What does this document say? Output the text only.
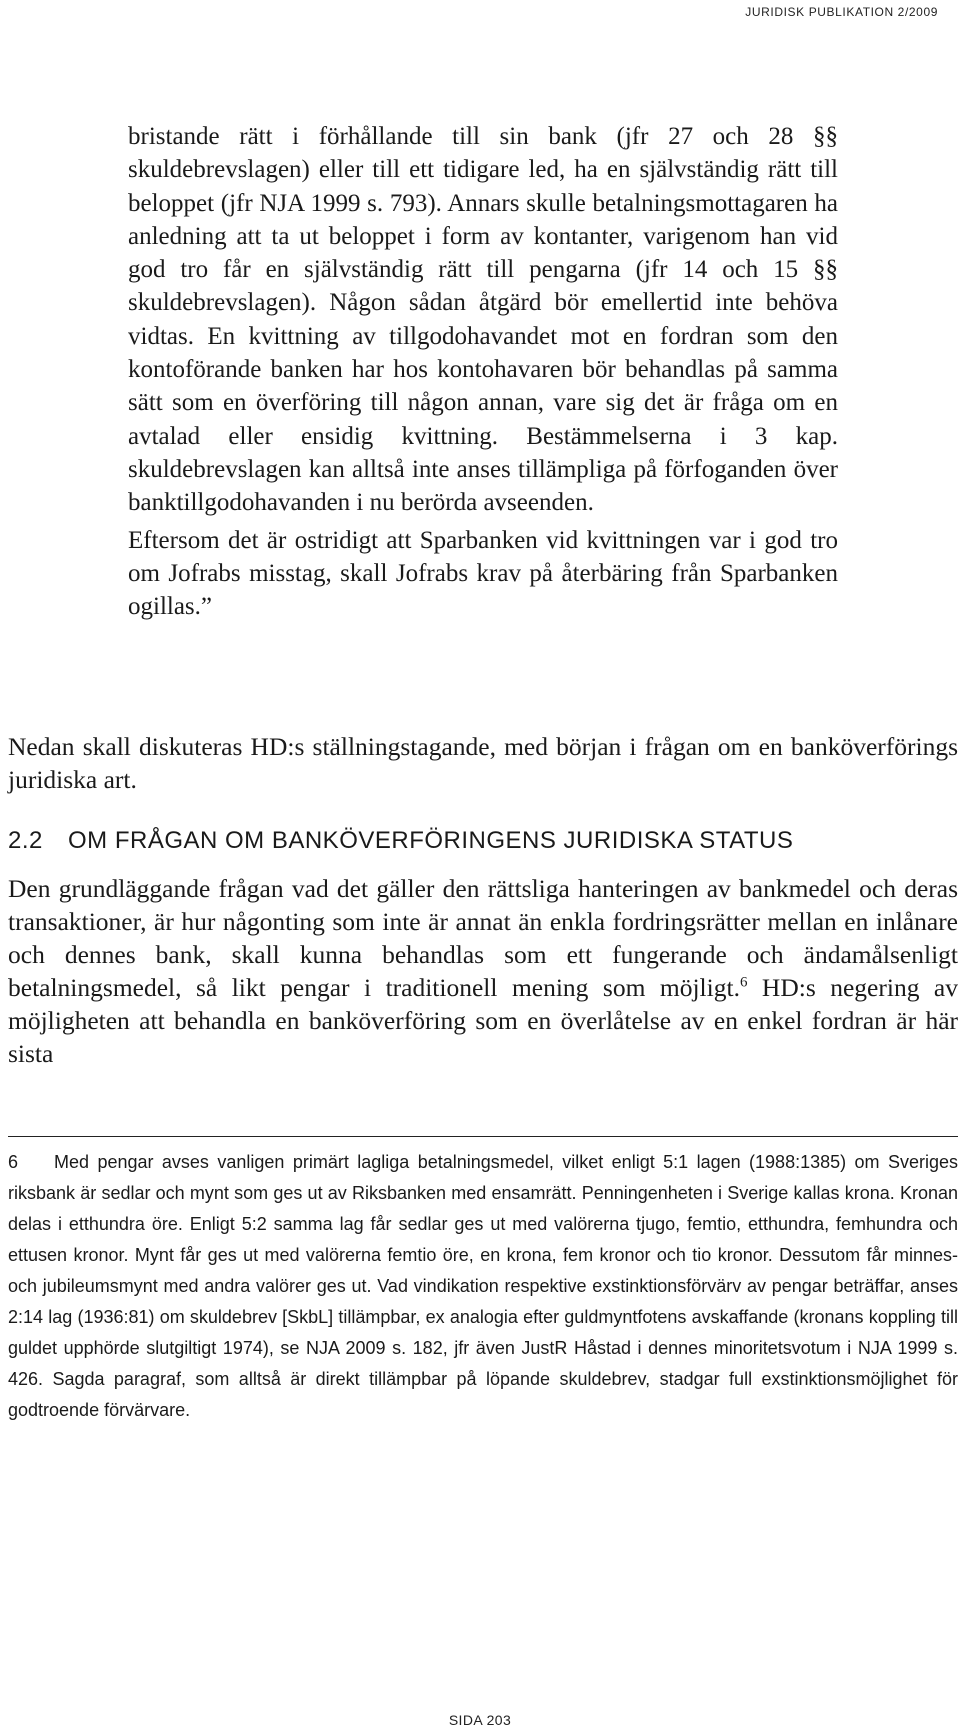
JURIDISK PUBLIKATION 2/2009

bristande rätt i förhållande till sin bank (jfr 27 och 28 §§ skuldebrevslagen) eller till ett tidigare led, ha en självständig rätt till beloppet (jfr NJA 1999 s. 793). Annars skulle betalningsmottagaren ha anledning att ta ut beloppet i form av kontanter, varigenom han vid god tro får en självständig rätt till pengarna (jfr 14 och 15 §§ skuldebrevslagen). Någon sådan åtgärd bör emellertid inte behöva vidtas. En kvittning av tillgodohavandet mot en fordran som den kontoförande banken har hos kontohavaren bör behandlas på samma sätt som en överföring till någon annan, vare sig det är fråga om en avtalad eller ensidig kvittning. Bestämmelserna i 3 kap. skuldebrevslagen kan alltså inte anses tillämpliga på förfoganden över banktillgodohavanden i nu berörda avseenden.

Eftersom det är ostridigt att Sparbanken vid kvittningen var i god tro om Jofrabs misstag, skall Jofrabs krav på återbäring från Sparbanken ogillas.”

Nedan skall diskuteras HD:s ställningstagande, med början i frågan om en banköverförings juridiska art.

2.2 OM FRÅGAN OM BANKÖVERFÖRINGENS JURIDISKA STATUS

Den grundläggande frågan vad det gäller den rättsliga hanteringen av bankmedel och deras transaktioner, är hur någonting som inte är annat än enkla fordringsrätter mellan en inlånare och dennes bank, skall kunna behandlas som ett fungerande och ändamålsenligt betalningsmedel, så likt pengar i traditionell mening som möjligt.$^6$ HD:s negering av möjligheten att behandla en banköverföring som en överlåtelse av en enkel fordran är här sista

6 Med pengar avses vanligen primärt lagliga betalningsmedel, vilket enligt 5:1 lagen (1988:1385) om Sveriges riksbank är sedlar och mynt som ges ut av Riksbanken med ensamrätt. Penningenheten i Sverige kallas krona. Kronan delas i etthundra öre. Enligt 5:2 samma lag får sedlar ges ut med valörerna tjugo, femtio, etthundra, femhundra och ettusen kronor. Mynt får ges ut med valörerna femtio öre, en krona, fem kronor och tio kronor. Dessutom får minnes- och jubileumsmynt med andra valörer ges ut. Vad vindikation respektive exstinktionsförvärv av pengar beträffar, anses 2:14 lag (1936:81) om skuldebrev [SkbL] tillämpbar, ex analogia efter guldmyntfotens avskaffande (kronans koppling till guldet upphörde slutgiltigt 1974), se NJA 2009 s. 182, jfr även JustR Håstad i dennes minoritetsvotum i NJA 1999 s. 426. Sagda paragraf, som alltså är direkt tillämpbar på löpande skuldebrev, stadgar full exstinktionsmöjlighet för godtroende förvärvare.

SIDA 203
